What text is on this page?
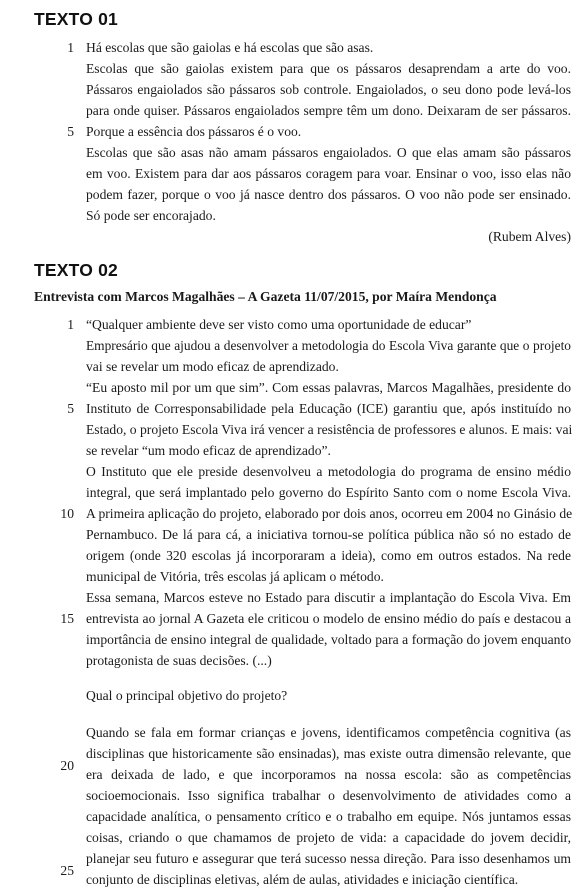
TEXTO 01
1
5
Há escolas que são gaiolas e há escolas que são asas.
Escolas que são gaiolas existem para que os pássaros desaprendam a arte do voo.
Pássaros engaiolados são pássaros sob controle. Engaiolados, o seu dono pode levá-los
para onde quiser. Pássaros engaiolados sempre têm um dono. Deixaram de ser pássaros.
Porque a essência dos pássaros é o voo.
Escolas que são asas não amam pássaros engaiolados. O que elas amam são pássaros
em voo. Existem para dar aos pássaros coragem para voar. Ensinar o voo, isso elas não
podem fazer, porque o voo já nasce dentro dos pássaros. O voo não pode ser ensinado.
Só pode ser encorajado.
(Rubem Alves)
TEXTO 02
Entrevista com Marcos Magalhães – A Gazeta 11/07/2015, por Maíra Mendonça
1
5
10
15
20
25
“Qualquer ambiente deve ser visto como uma oportunidade de educar”
Empresário que ajudou a desenvolver a metodologia do Escola Viva garante que o projeto
vai se revelar um modo eficaz de aprendizado.
“Eu aposto mil por um que sim”. Com essas palavras, Marcos Magalhães, presidente do
Instituto de Corresponsabilidade pela Educação (ICE) garantiu que, após instituído no
Estado, o projeto Escola Viva irá vencer a resistência de professores e alunos. E mais: vai
se revelar “um modo eficaz de aprendizado”.
O Instituto que ele preside desenvolveu a metodologia do programa de ensino médio
integral, que será implantado pelo governo do Espírito Santo com o nome Escola Viva.
A primeira aplicação do projeto, elaborado por dois anos, ocorreu em 2004 no Ginásio de
Pernambuco. De lá para cá, a iniciativa tornou-se política pública não só no estado de
origem (onde 320 escolas já incorporaram a ideia), como em outros estados. Na rede
municipal de Vitória, três escolas já aplicam o método.
Essa semana, Marcos esteve no Estado para discutir a implantação do Escola Viva. Em
entrevista ao jornal A Gazeta ele criticou o modelo de ensino médio do país e destacou a
importância de ensino integral de qualidade, voltado para a formação do jovem enquanto
protagonista de suas decisões. (...)
Qual o principal objetivo do projeto?
Quando se fala em formar crianças e jovens, identificamos competência cognitiva (as
disciplinas que historicamente são ensinadas), mas existe outra dimensão relevante, que
era deixada de lado, e que incorporamos na nossa escola: são as competências
socioemocionais. Isso significa trabalhar o desenvolvimento de atividades como a
capacidade analítica, o pensamento crítico e o trabalho em equipe. Nós juntamos essas
coisas, criando o que chamamos de projeto de vida: a capacidade do jovem decidir,
planejar seu futuro e assegurar que terá sucesso nessa direção. Para isso desenhamos um
conjunto de disciplinas eletivas, além de aulas, atividades e iniciação científica.
